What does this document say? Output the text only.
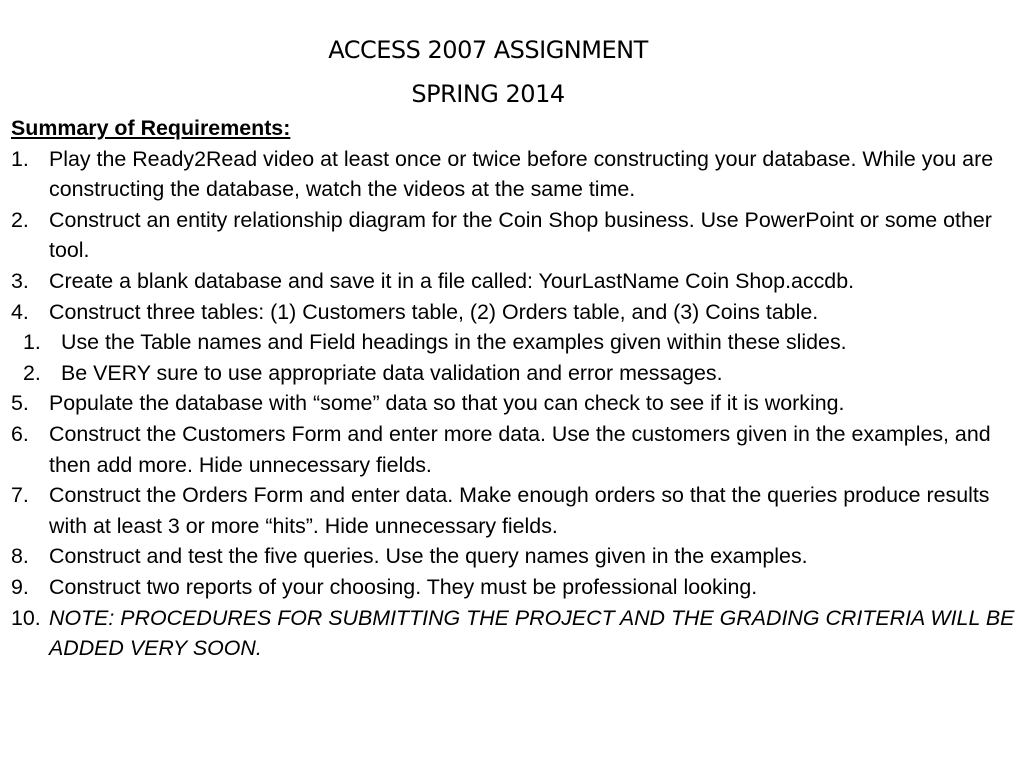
ACCESS 2007 ASSIGNMENT
SPRING 2014
Summary of Requirements:
1. Play the Ready2Read video at least once or twice before constructing your database. While you are constructing the database, watch the videos at the same time.
2. Construct an entity relationship diagram for the Coin Shop business. Use PowerPoint or some other tool.
3. Create a blank database and save it in a file called: YourLastName Coin Shop.accdb.
4. Construct three tables: (1) Customers table, (2) Orders table, and (3) Coins table.
1. Use the Table names and Field headings in the examples given within these slides.
2. Be VERY sure to use appropriate data validation and error messages.
5. Populate the database with “some” data so that you can check to see if it is working.
6. Construct the Customers Form and enter more data. Use the customers given in the examples, and then add more. Hide unnecessary fields.
7. Construct the Orders Form and enter data. Make enough orders so that the queries produce results with at least 3 or more “hits”. Hide unnecessary fields.
8. Construct and test the five queries. Use the query names given in the examples.
9. Construct two reports of your choosing. They must be professional looking.
10. NOTE: PROCEDURES FOR SUBMITTING THE PROJECT AND THE GRADING CRITERIA WILL BE ADDED VERY SOON.
